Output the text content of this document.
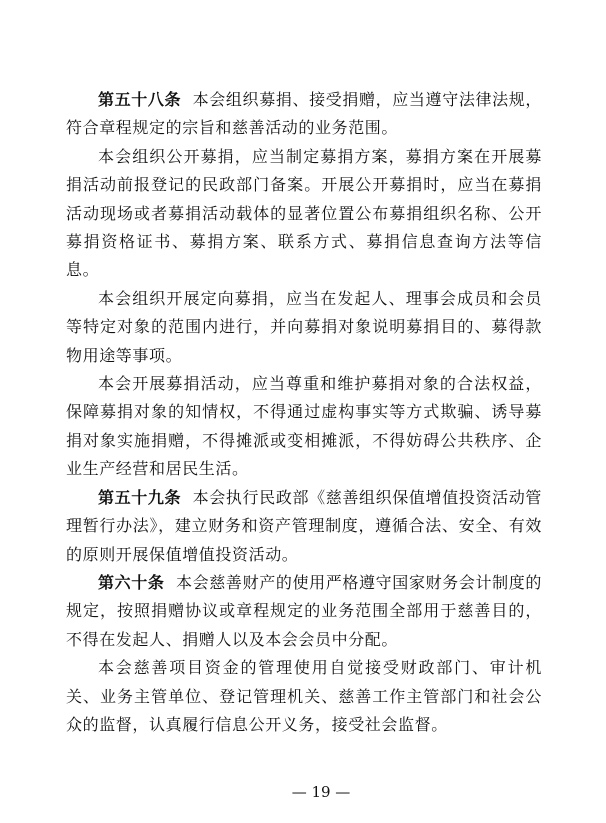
第五十八条 本会组织募捐、接受捐赠，应当遵守法律法规，符合章程规定的宗旨和慈善活动的业务范围。

本会组织公开募捐，应当制定募捐方案，募捐方案在开展募捐活动前报登记的民政部门备案。开展公开募捐时，应当在募捐活动现场或者募捐活动载体的显著位置公布募捐组织名称、公开募捐资格证书、募捐方案、联系方式、募捐信息查询方法等信息。

本会组织开展定向募捐，应当在发起人、理事会成员和会员等特定对象的范围内进行，并向募捐对象说明募捐目的、募得款物用途等事项。

本会开展募捐活动，应当尊重和维护募捐对象的合法权益，保障募捐对象的知情权，不得通过虚构事实等方式欺骗、诱导募捐对象实施捐赠，不得摊派或变相摊派，不得妨碍公共秩序、企业生产经营和居民生活。

第五十九条 本会执行民政部《慈善组织保值增值投资活动管理暂行办法》，建立财务和资产管理制度，遵循合法、安全、有效的原则开展保值增值投资活动。

第六十条 本会慈善财产的使用严格遵守国家财务会计制度的规定，按照捐赠协议或章程规定的业务范围全部用于慈善目的，不得在发起人、捐赠人以及本会会员中分配。

本会慈善项目资金的管理使用自觉接受财政部门、审计机关、业务主管单位、登记管理机关、慈善工作主管部门和社会公众的监督，认真履行信息公开义务，接受社会监督。

— 19 —
